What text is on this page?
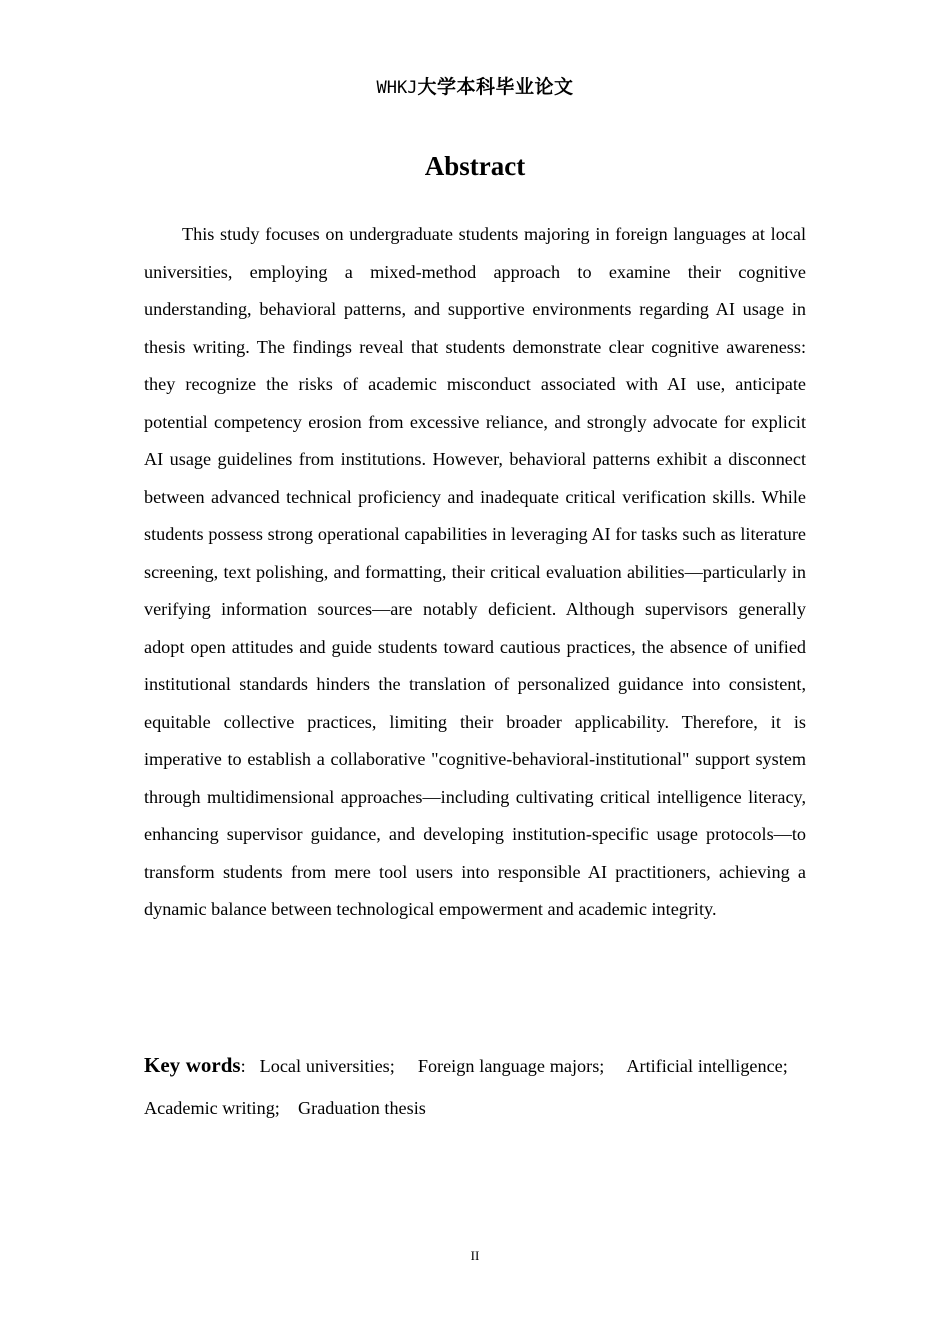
WHKJ大学本科毕业论文
Abstract

This study focuses on undergraduate students majoring in foreign languages at local universities, employing a mixed-method approach to examine their cognitive understanding, behavioral patterns, and supportive environments regarding AI usage in thesis writing. The findings reveal that students demonstrate clear cognitive awareness: they recognize the risks of academic misconduct associated with AI use, anticipate potential competency erosion from excessive reliance, and strongly advocate for explicit AI usage guidelines from institutions. However, behavioral patterns exhibit a disconnect between advanced technical proficiency and inadequate critical verification skills. While students possess strong operational capabilities in leveraging AI for tasks such as literature screening, text polishing, and formatting, their critical evaluation abilities—particularly in verifying information sources—are notably deficient. Although supervisors generally adopt open attitudes and guide students toward cautious practices, the absence of unified institutional standards hinders the translation of personalized guidance into consistent, equitable collective practices, limiting their broader applicability. Therefore, it is imperative to establish a collaborative "cognitive-behavioral-institutional" support system through multidimensional approaches—including cultivating critical intelligence literacy, enhancing supervisor guidance, and developing institution-specific usage protocols—to transform students from mere tool users into responsible AI practitioners, achieving a dynamic balance between technological empowerment and academic integrity.

Key words: Local universities;  Foreign language majors;  Artificial intelligence; Academic writing; Graduation thesis

II
